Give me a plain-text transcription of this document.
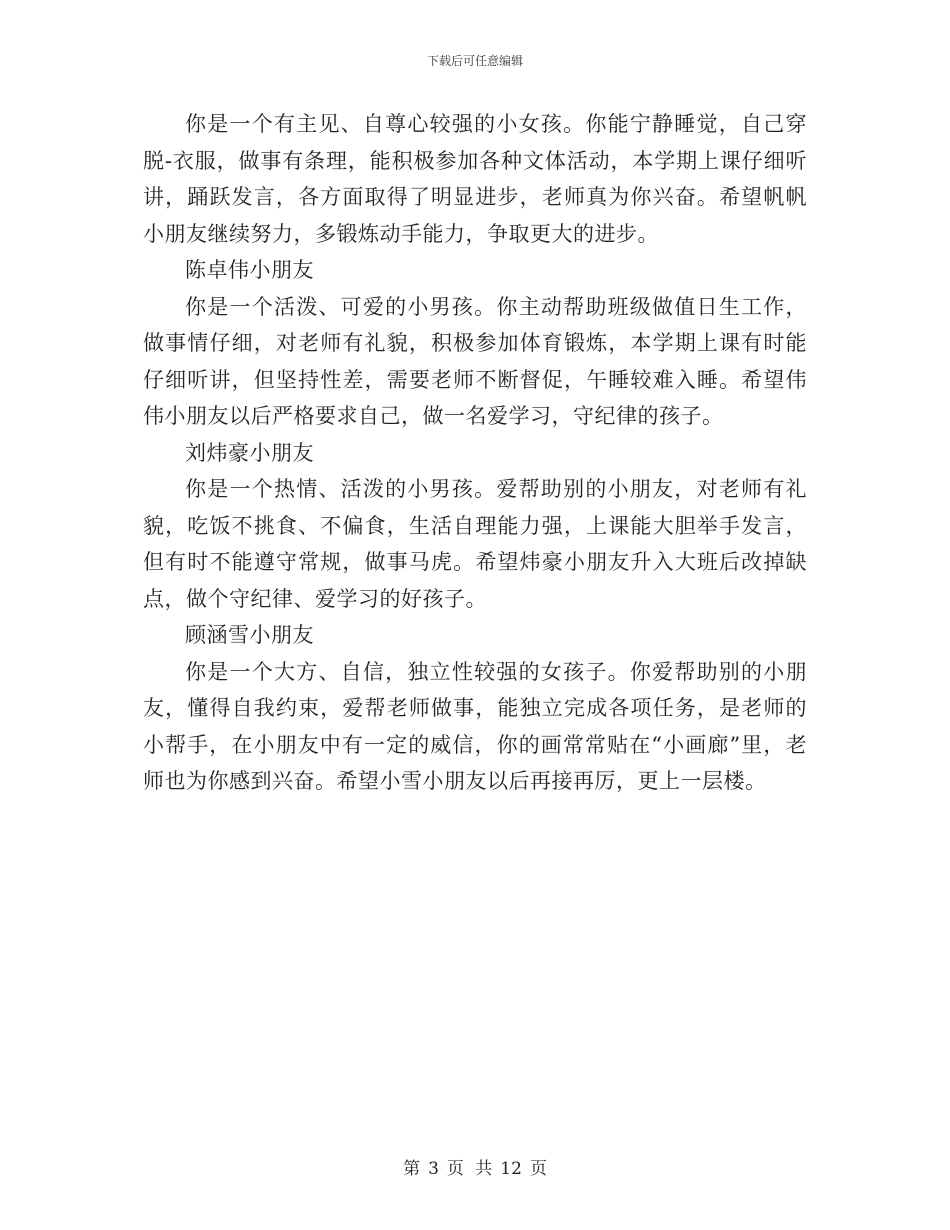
下载后可任意编辑

你是一个有主见、自尊心较强的小女孩。你能宁静睡觉，自己穿脱-衣服，做事有条理，能积极参加各种文体活动，本学期上课仔细听讲，踊跃发言，各方面取得了明显进步，老师真为你兴奋。希望帆帆小朋友继续努力，多锻炼动手能力，争取更大的进步。

陈卓伟小朋友

你是一个活泼、可爱的小男孩。你主动帮助班级做值日生工作，做事情仔细，对老师有礼貌，积极参加体育锻炼，本学期上课有时能仔细听讲，但坚持性差，需要老师不断督促，午睡较难入睡。希望伟伟小朋友以后严格要求自己，做一名爱学习，守纪律的孩子。

刘炜豪小朋友

你是一个热情、活泼的小男孩。爱帮助别的小朋友，对老师有礼貌，吃饭不挑食、不偏食，生活自理能力强，上课能大胆举手发言，但有时不能遵守常规，做事马虎。希望炜豪小朋友升入大班后改掉缺点，做个守纪律、爱学习的好孩子。

顾涵雪小朋友

你是一个大方、自信，独立性较强的女孩子。你爱帮助别的小朋友，懂得自我约束，爱帮老师做事，能独立完成各项任务，是老师的小帮手，在小朋友中有一定的威信，你的画常常贴在“小画廊”里，老师也为你感到兴奋。希望小雪小朋友以后再接再厉，更上一层楼。

第 3 页 共 12 页
